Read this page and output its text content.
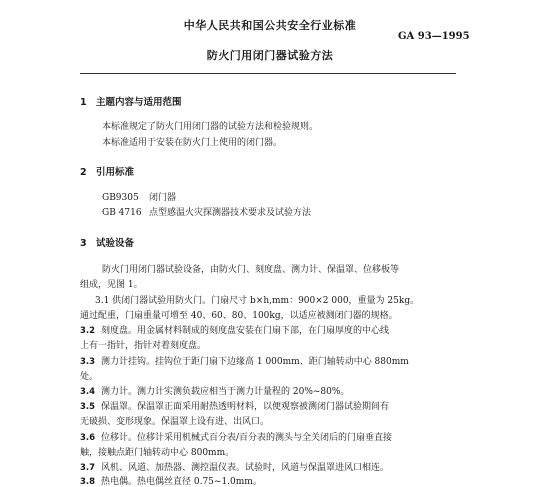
中华人民共和国公共安全行业标准
GA 93—1995
防火门用闭门器试验方法
1 主题内容与适用范围
本标准规定了防火门用闭门器的试验方法和检验规则。
本标准适用于安装在防火门上使用的闭门器。
2 引用标准
GB9305 闭门器
GB 4716 点型感温火灾探测器技术要求及试验方法
3 试验设备
防火门用闭门器试验设备，由防火门、刻度盘、测力计、保温罩、位移板等
组成，见图 1。
3.1 供闭门器试验用防火门。门扇尺寸 b×h,mm：900×2 000，重量为 25kg。
通过配重，门扇重量可增至 40、60、80、100kg，以适应被测闭门器的规格。
3.2 刻度盘。用金属材料制成的刻度盘安装在门扇下部，在门扇厚度的中心线
上有一指针，指针对着刻度盘。
3.3 测力计挂钩。挂钩位于距门扇下边缘高 1 000mm、距门轴转动中心 880mm
处。
3.4 测力计。测力计实测负载应相当于测力计量程的 20%~80%。
3.5 保温罩。保温罩正面采用耐热透明材料，以便观察被测闭门器试验期间有
无破损、变形现象。保温罩上设有进、出风口。
3.6 位移计。位移计采用机械式百分表/百分表的测头与全关闭后的门扇垂直接
触，接触点距门轴转动中心 800mm。
3.7 风机、风道、加热器、测控温仪表。试验时，风道与保温罩进风口相连。
3.8 热电偶。热电偶丝直径 0.75~1.0mm。
